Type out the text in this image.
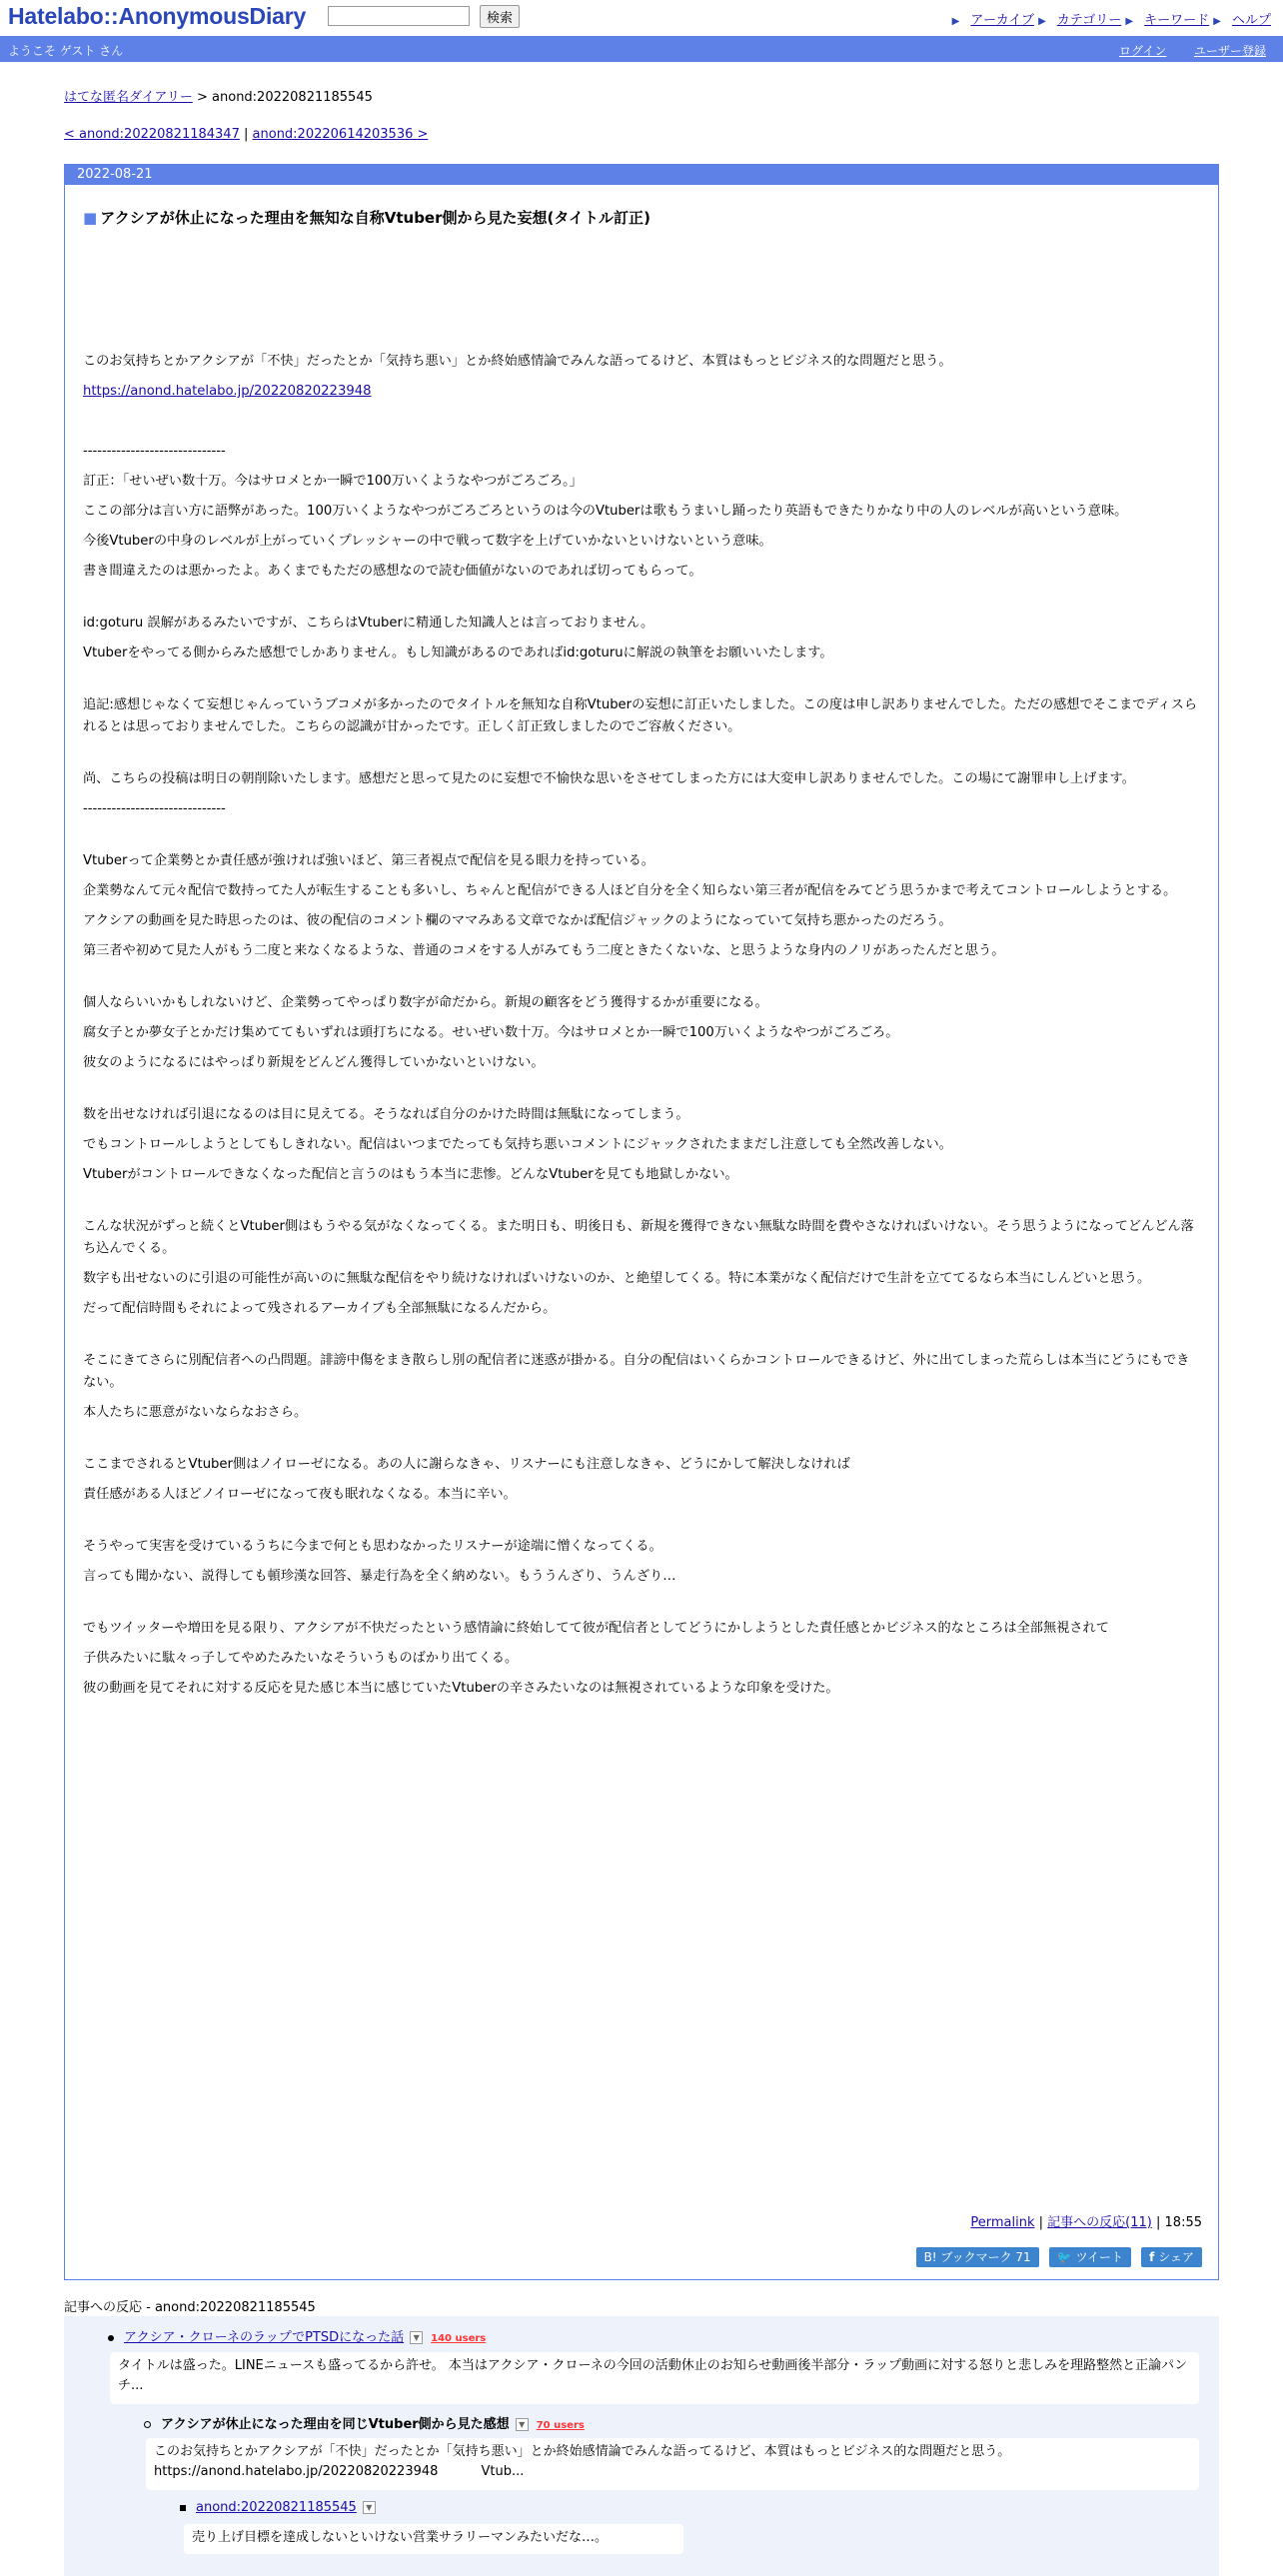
Hatelabo::AnonymousDiary	検索	▶ アーカイブ ▶ カテゴリー ▶ キーワード ▶ ヘルプ
ようこそ ゲスト さん	ログイン ユーザー登録
はてな匿名ダイアリー > anond:20220821185545
< anond:20220821184347 | anond:20220614203536 >
2022-08-21
■ アクシアが休止になった理由を無知な自称Vtuber側から見た妄想(タイトル訂正)

このお気持ちとかアクシアが「不快」だったとか「気持ち悪い」とか終始感情論でみんな語ってるけど、本質はもっとビジネス的な問題だと思う。

https://anond.hatelabo.jp/20220820223948

------------------------------

訂正：「せいぜい数十万。今はサロメとか一瞬で100万いくようなやつがごろごろ。」

ここの部分は言い方に語弊があった。100万いくようなやつがごろごろというのは今のVtuberは歌もうまいし踊ったり英語もできたりかなり中の人のレベルが高いという意味。

今後Vtuberの中身のレベルが上がっていくプレッシャーの中で戦って数字を上げていかないといけないという意味。

書き間違えたのは悪かったよ。あくまでもただの感想なので読む価値がないのであれば切ってもらって。

id:goturu 誤解があるみたいですが、こちらはVtuberに精通した知識人とは言っておりません。

Vtuberをやってる側からみた感想でしかありません。もし知識があるのであればid:goturuに解説の執筆をお願いいたします。

追記:感想じゃなくて妄想じゃんっていうブコメが多かったのでタイトルを無知な自称Vtuberの妄想に訂正いたしました。この度は申し訳ありませんでした。ただの感想でそこまでディスられるとは思っておりませんでした。こちらの認識が甘かったです。正しく訂正致しましたのでご容赦ください。

尚、こちらの投稿は明日の朝削除いたします。感想だと思って見たのに妄想で不愉快な思いをさせてしまった方には大変申し訳ありませんでした。この場にて謝罪申し上げます。

------------------------------

Vtuberって企業勢とか責任感が強ければ強いほど、第三者視点で配信を見る眼力を持っている。

企業勢なんて元々配信で数持ってた人が転生することも多いし、ちゃんと配信ができる人ほど自分を全く知らない第三者が配信をみてどう思うかまで考えてコントロールしようとする。

アクシアの動画を見た時思ったのは、彼の配信のコメント欄のママみある文章でなかば配信ジャックのようになっていて気持ち悪かったのだろう。

第三者や初めて見た人がもう二度と来なくなるような、普通のコメをする人がみてもう二度ときたくないな、と思うような身内のノリがあったんだと思う。

個人ならいいかもしれないけど、企業勢ってやっぱり数字が命だから。新規の顧客をどう獲得するかが重要になる。

腐女子とか夢女子とかだけ集めててもいずれは頭打ちになる。せいぜい数十万。今はサロメとか一瞬で100万いくようなやつがごろごろ。

彼女のようになるにはやっぱり新規をどんどん獲得していかないといけない。

数を出せなければ引退になるのは目に見えてる。そうなれば自分のかけた時間は無駄になってしまう。

でもコントロールしようとしてもしきれない。配信はいつまでたっても気持ち悪いコメントにジャックされたままだし注意しても全然改善しない。

Vtuberがコントロールできなくなった配信と言うのはもう本当に悲惨。どんなVtuberを見ても地獄しかない。

こんな状況がずっと続くとVtuber側はもうやる気がなくなってくる。また明日も、明後日も、新規を獲得できない無駄な時間を費やさなければいけない。そう思うようになってどんどん落ち込んでくる。

数字も出せないのに引退の可能性が高いのに無駄な配信をやり続けなければいけないのか、と絶望してくる。特に本業がなく配信だけで生計を立ててるなら本当にしんどいと思う。

だって配信時間もそれによって残されるアーカイブも全部無駄になるんだから。

そこにきてさらに別配信者への凸問題。誹謗中傷をまき散らし別の配信者に迷惑が掛かる。自分の配信はいくらかコントロールできるけど、外に出てしまった荒らしは本当にどうにもできない。

本人たちに悪意がないならなおさら。

ここまでされるとVtuber側はノイローゼになる。あの人に謝らなきゃ、リスナーにも注意しなきゃ、どうにかして解決しなければ

責任感がある人ほどノイローゼになって夜も眠れなくなる。本当に辛い。

そうやって実害を受けているうちに今まで何とも思わなかったリスナーが途端に憎くなってくる。

言っても聞かない、説得しても頓珍漢な回答、暴走行為を全く納めない。もううんざり、うんざり…

でもツイッターや増田を見る限り、アクシアが不快だったという感情論に終始してて彼が配信者としてどうにかしようとした責任感とかビジネス的なところは全部無視されて

子供みたいに駄々っ子してやめたみたいなそういうものばかり出てくる。

彼の動画を見てそれに対する反応を見た感じ本当に感じていたVtuberの辛さみたいなのは無視されているような印象を受けた。

Permalink | 記事への反応(11) | 18:55
B! ブックマーク 71 🐦 ツイート f シェア
記事への反応 - anond:20220821185545
アクシア・クローネのラップでPTSDになった話 ▼ 140 users
タイトルは盛った。LINEニュースも盛ってるから許せ。 本当はアクシア・クローネの今回の活動休止のお知らせ動画後半部分・ラップ動画に対する怒りと悲しみを理路整然と正論パンチ...
アクシアが休止になった理由を同じVtuber側から見た感想 ▼ 70 users
このお気持ちとかアクシアが「不快」だったとか「気持ち悪い」とか終始感情論でみんな語ってるけど、本質はもっとビジネス的な問題だと思う。 https://anond.hatelabo.jp/20220820223948 　　　Vtub...
anond:20220821185545 ▼
売り上げ目標を達成しないといけない営業サラリーマンみたいだな…。
